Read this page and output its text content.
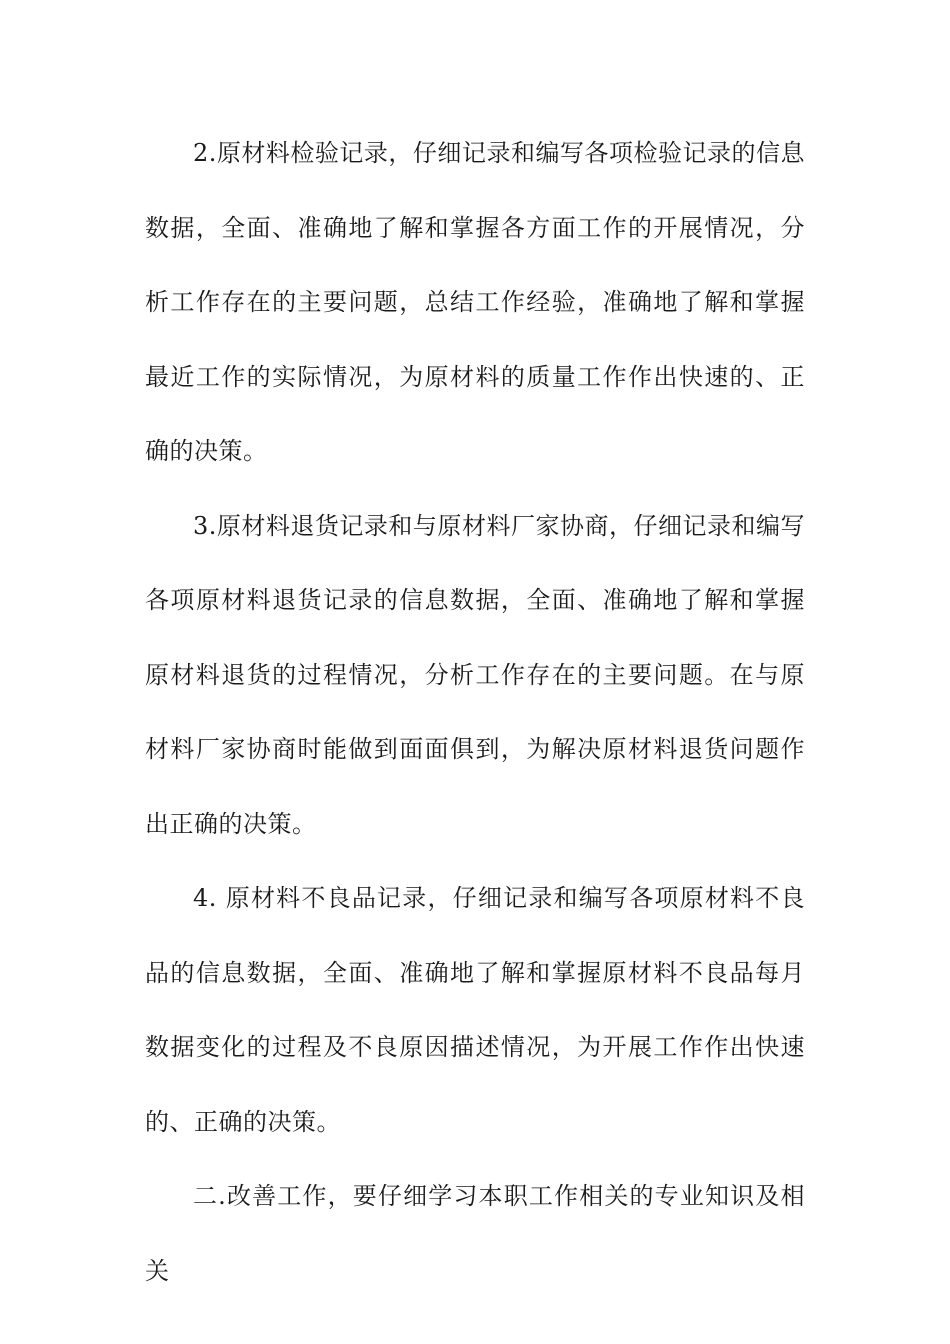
2.原材料检验记录，仔细记录和编写各项检验记录的信息数据，全面、准确地了解和掌握各方面工作的开展情况，分析工作存在的主要问题，总结工作经验，准确地了解和掌握最近工作的实际情况，为原材料的质量工作作出快速的、正确的决策。

3.原材料退货记录和与原材料厂家协商，仔细记录和编写各项原材料退货记录的信息数据，全面、准确地了解和掌握原材料退货的过程情况，分析工作存在的主要问题。在与原材料厂家协商时能做到面面俱到，为解决原材料退货问题作出正确的决策。

4. 原材料不良品记录，仔细记录和编写各项原材料不良品的信息数据，全面、准确地了解和掌握原材料不良品每月数据变化的过程及不良原因描述情况，为开展工作作出快速的、正确的决策。

二.改善工作，要仔细学习本职工作相关的专业知识及相关
